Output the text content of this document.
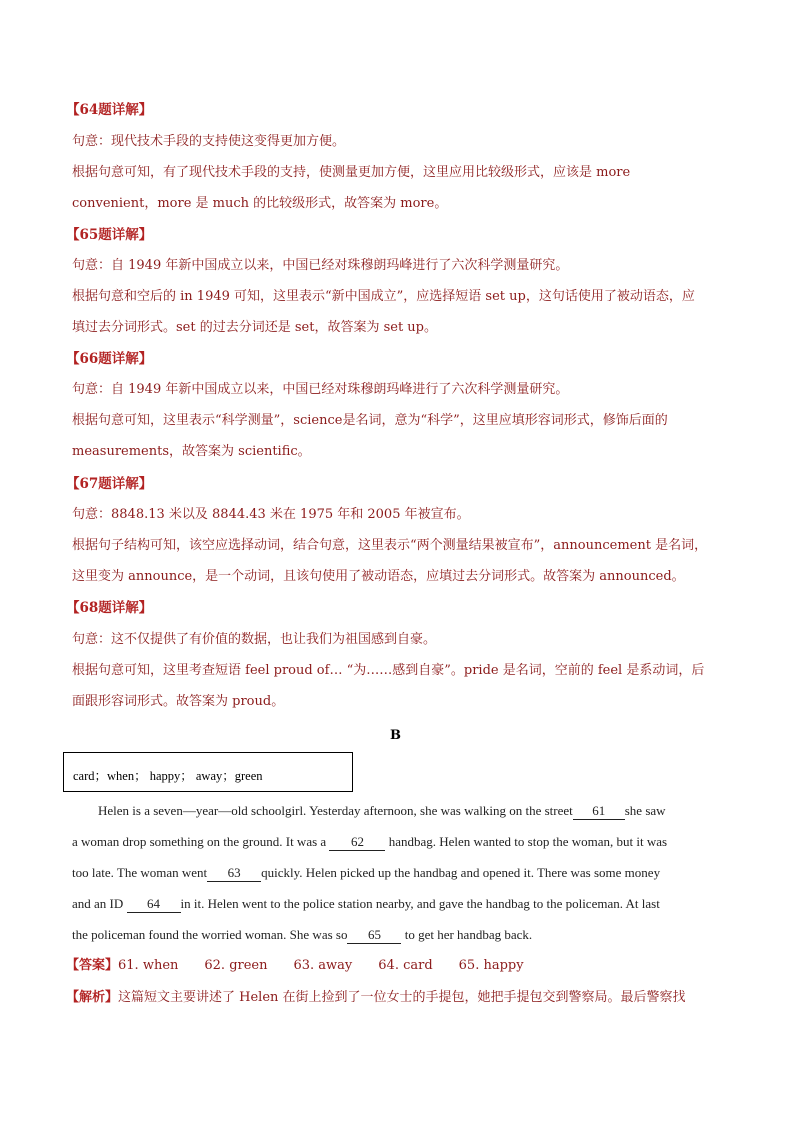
【64题详解】
句意：现代技术手段的支持使这变得更加方便。
根据句意可知，有了现代技术手段的支持，使测量更加方便，这里应用比较级形式，应该是 more
convenient，more 是 much 的比较级形式，故答案为 more。
【65题详解】
句意：自 1949 年新中国成立以来，中国已经对珠穆朗玛峰进行了六次科学测量研究。
根据句意和空后的 in 1949 可知，这里表示“新中国成立”，应选择短语 set up，这句话使用了被动语态，应
填过去分词形式。set 的过去分词还是 set，故答案为 set up。
【66题详解】
句意：自 1949 年新中国成立以来，中国已经对珠穆朗玛峰进行了六次科学测量研究。
根据句意可知，这里表示“科学测量”，science是名词，意为“科学”，这里应填形容词形式，修饰后面的
measurements，故答案为 scientific。
【67题详解】
句意：8848.13 米以及 8844.43 米在 1975 年和 2005 年被宣布。
根据句子结构可知，该空应选择动词，结合句意，这里表示“两个测量结果被宣布”，announcement 是名词，
这里变为 announce，是一个动词，且该句使用了被动语态，应填过去分词形式。故答案为 announced。
【68题详解】
句意：这不仅提供了有价值的数据，也让我们为祖国感到自豪。
根据句意可知，这里考查短语 feel proud of… “为……感到自豪”。pride 是名词，空前的 feel 是系动词，后
面跟形容词形式。故答案为 proud。
B
card；when； happy； away；green
Helen is a seven—year—old schoolgirl. Yesterday afternoon, she was walking on the street 61 she saw
a woman drop something on the ground. It was a 62 handbag. Helen wanted to stop the woman, but it was
too late. The woman went 63 quickly. Helen picked up the handbag and opened it. There was some money
and an ID 64 in it. Helen went to the police station nearby, and gave the handbag to the policeman. At last
the policeman found the worried woman. She was so 65 to get her handbag back.
【答案】61. when 62. green 63. away 64. card 65. happy
【解析】这篇短文主要讲述了 Helen 在街上捡到了一位女士的手提包，她把手提包交到警察局。最后警察找
